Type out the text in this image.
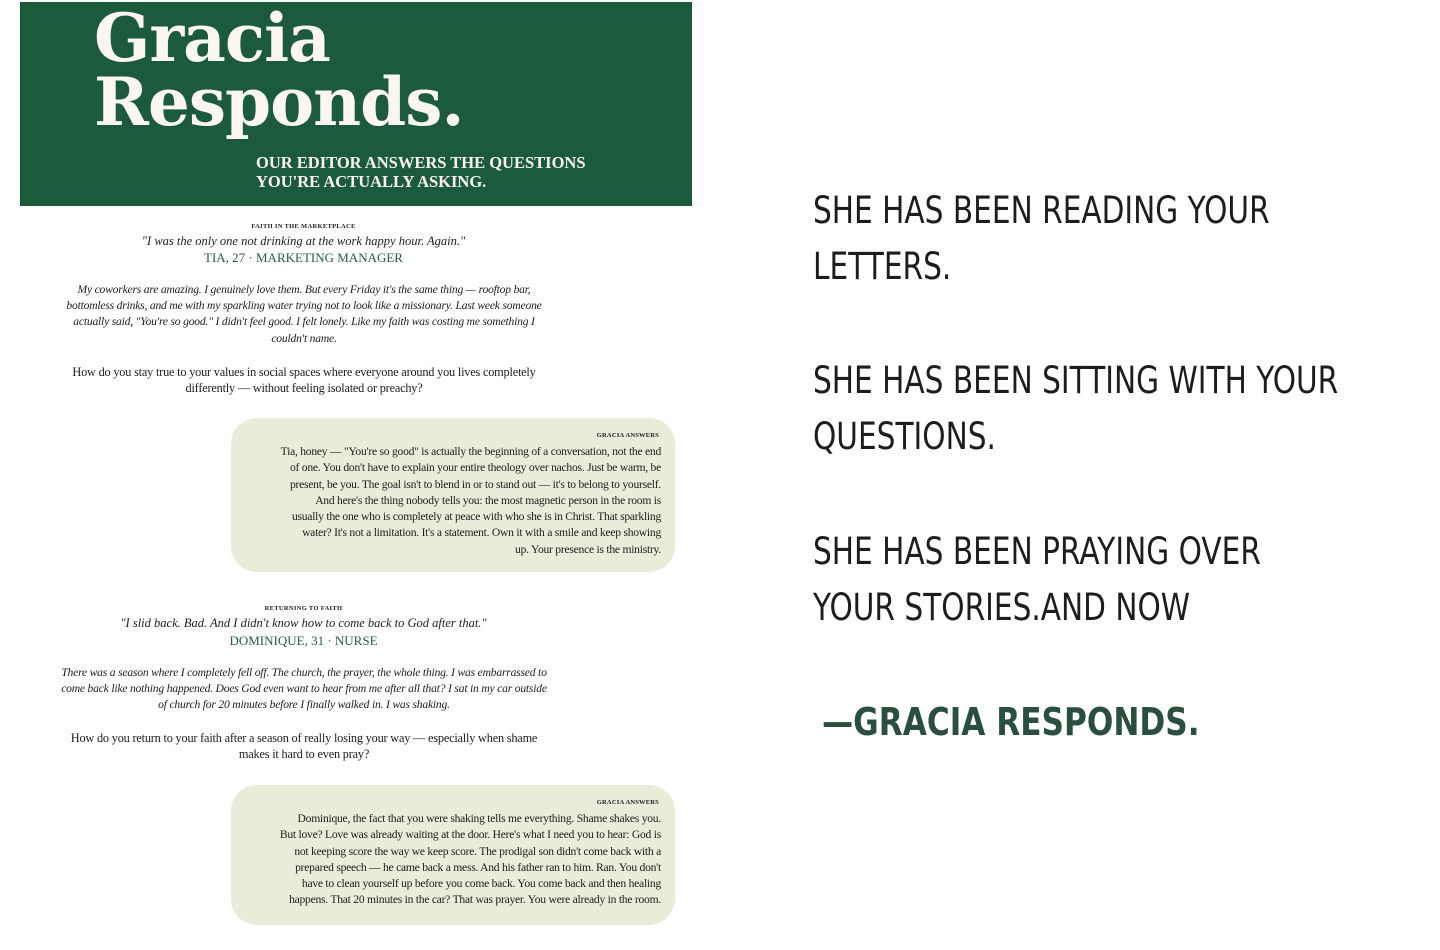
Gracia
Responds.
OUR EDITOR ANSWERS THE QUESTIONS
YOU'RE ACTUALLY ASKING.
FAITH IN THE MARKETPLACE
"I was the only one not drinking at the work happy hour. Again."
TIA, 27 · MARKETING MANAGER
My coworkers are amazing. I genuinely love them. But every Friday it's the same thing — rooftop bar,
bottomless drinks, and me with my sparkling water trying not to look like a missionary. Last week someone
actually said, "You're so good." I didn't feel good. I felt lonely. Like my faith was costing me something I
couldn't name.
How do you stay true to your values in social spaces where everyone around you lives completely
differently — without feeling isolated or preachy?
GRACIA ANSWERS
Tia, honey — "You're so good" is actually the beginning of a conversation, not the end
of one. You don't have to explain your entire theology over nachos. Just be warm, be
present, be you. The goal isn't to blend in or to stand out — it's to belong to yourself.
And here's the thing nobody tells you: the most magnetic person in the room is
usually the one who is completely at peace with who she is in Christ. That sparkling
water? It's not a limitation. It's a statement. Own it with a smile and keep showing
up. Your presence is the ministry.
RETURNING TO FAITH
"I slid back. Bad. And I didn't know how to come back to God after that."
DOMINIQUE, 31 · NURSE
There was a season where I completely fell off. The church, the prayer, the whole thing. I was embarrassed to
come back like nothing happened. Does God even want to hear from me after all that? I sat in my car outside
of church for 20 minutes before I finally walked in. I was shaking.
How do you return to your faith after a season of really losing your way — especially when shame
makes it hard to even pray?
GRACIA ANSWERS
Dominique, the fact that you were shaking tells me everything. Shame shakes you.
But love? Love was already waiting at the door. Here's what I need you to hear: God is
not keeping score the way we keep score. The prodigal son didn't come back with a
prepared speech — he came back a mess. And his father ran to him. Ran. You don't
have to clean yourself up before you come back. You come back and then healing
happens. That 20 minutes in the car? That was prayer. You were already in the room.

SHE HAS BEEN READING YOUR
LETTERS.

SHE HAS BEEN SITTING WITH YOUR
QUESTIONS.

SHE HAS BEEN PRAYING OVER
YOUR STORIES.AND NOW

—GRACIA RESPONDS.
